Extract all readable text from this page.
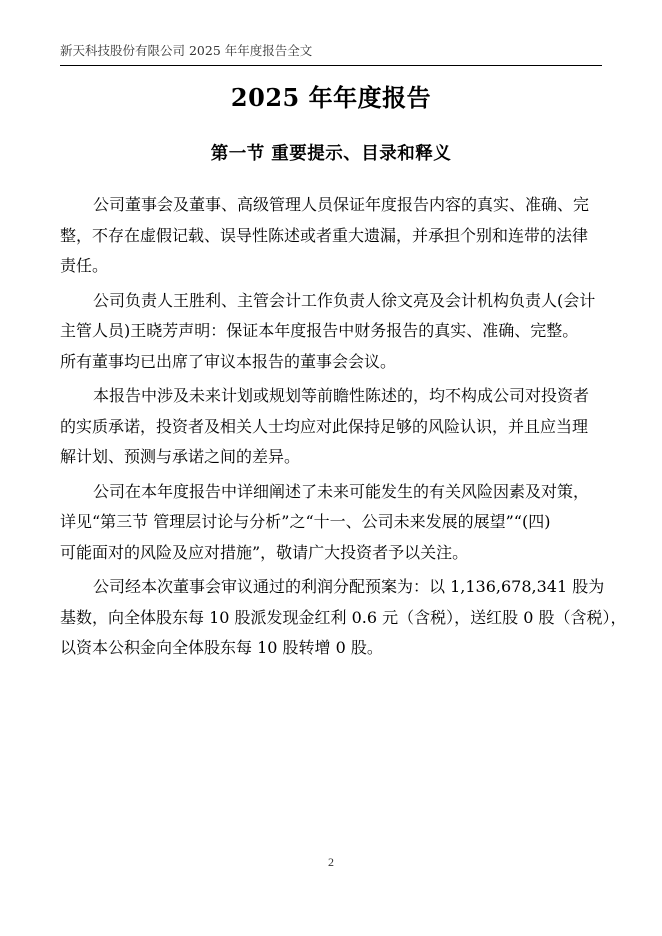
新天科技股份有限公司 2025 年年度报告全文
2025 年年度报告
第一节 重要提示、目录和释义
公司董事会及董事、高级管理人员保证年度报告内容的真实、准确、完
整，不存在虚假记载、误导性陈述或者重大遗漏，并承担个别和连带的法律
责任。
公司负责人王胜利、主管会计工作负责人徐文亮及会计机构负责人(会计
主管人员)王晓芳声明：保证本年度报告中财务报告的真实、准确、完整。
所有董事均已出席了审议本报告的董事会会议。
本报告中涉及未来计划或规划等前瞻性陈述的，均不构成公司对投资者
的实质承诺，投资者及相关人士均应对此保持足够的风险认识，并且应当理
解计划、预测与承诺之间的差异。
公司在本年度报告中详细阐述了未来可能发生的有关风险因素及对策，
详见“第三节 管理层讨论与分析”之“十一、公司未来发展的展望”“(四)
可能面对的风险及应对措施”，敬请广大投资者予以关注。
公司经本次董事会审议通过的利润分配预案为：以 1,136,678,341 股为
基数，向全体股东每 10 股派发现金红利 0.6 元（含税），送红股 0 股（含税），
以资本公积金向全体股东每 10 股转增 0 股。
2
